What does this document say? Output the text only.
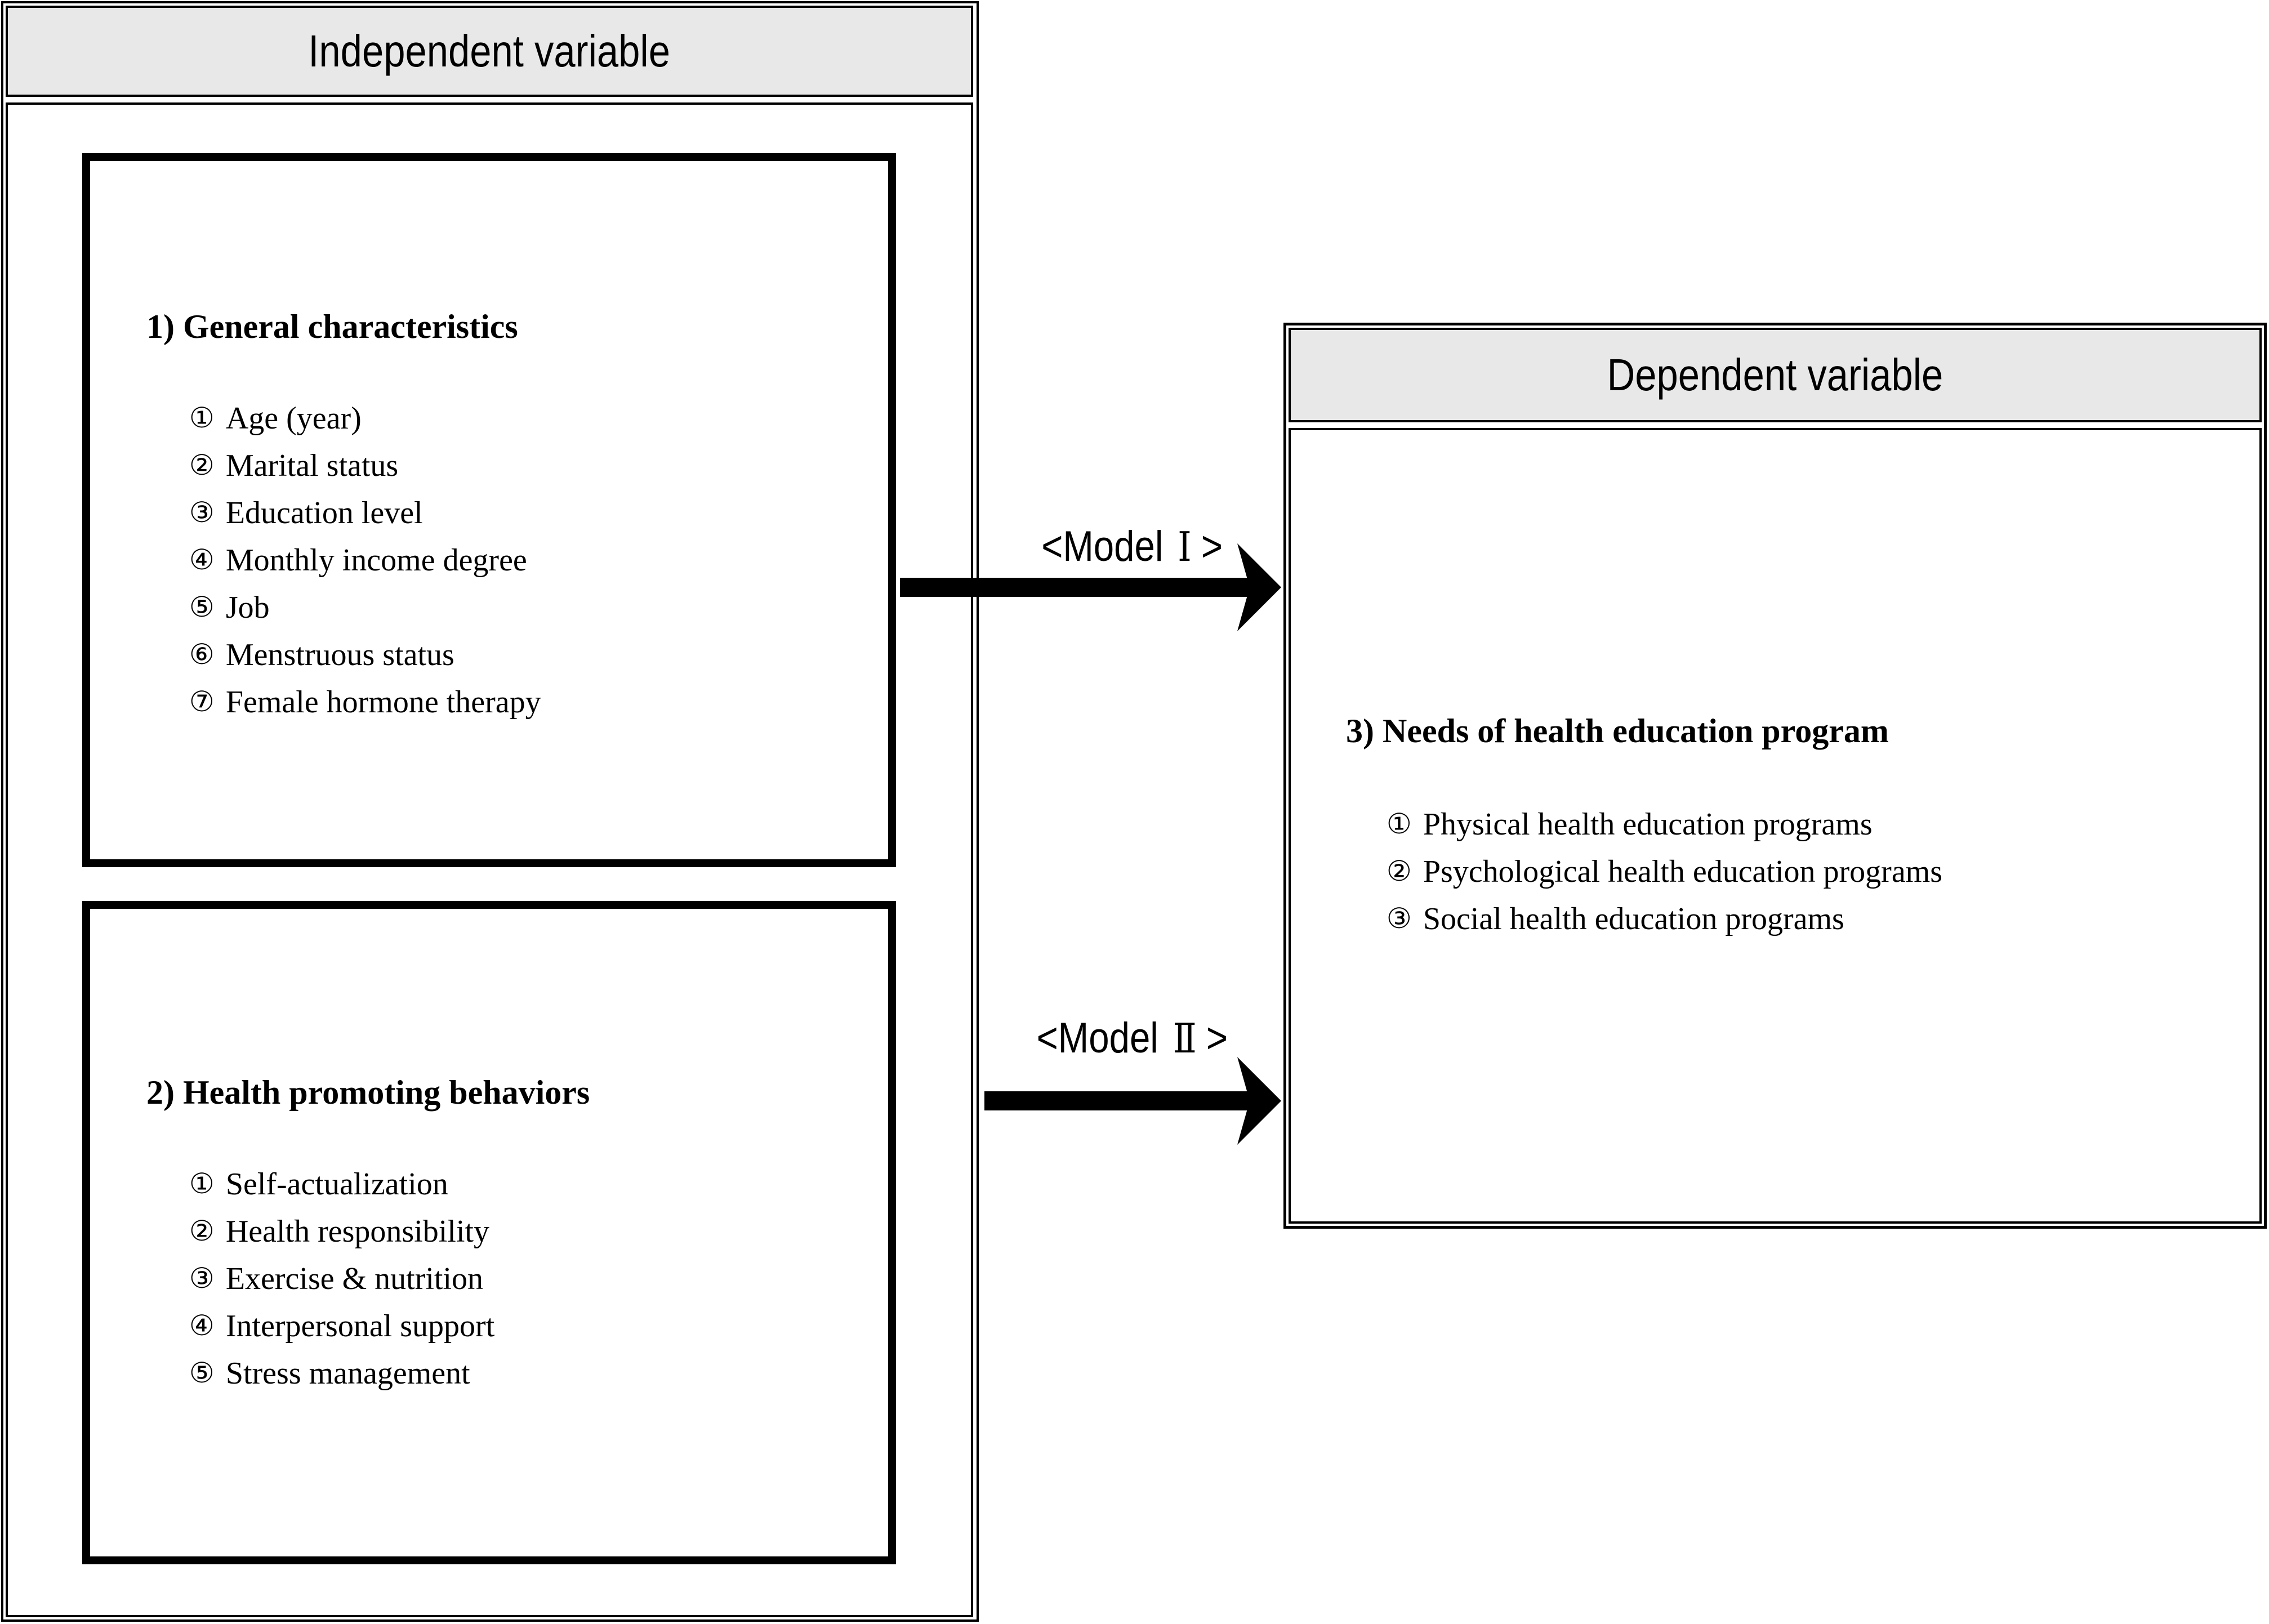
Independent variable
1) General characteristics
① Age (year)
② Marital status
③ Education level
④ Monthly income degree
⑤ Job
⑥ Menstruous status
⑦ Female hormone therapy
2) Health promoting behaviors
① Self-actualization
② Health responsibility
③ Exercise & nutrition
④ Interpersonal support
⑤ Stress management
Dependent variable
3) Needs of health education program
① Physical health education programs
② Psychological health education programs
③ Social health education programs
<Model Ⅰ >
<Model Ⅱ >
